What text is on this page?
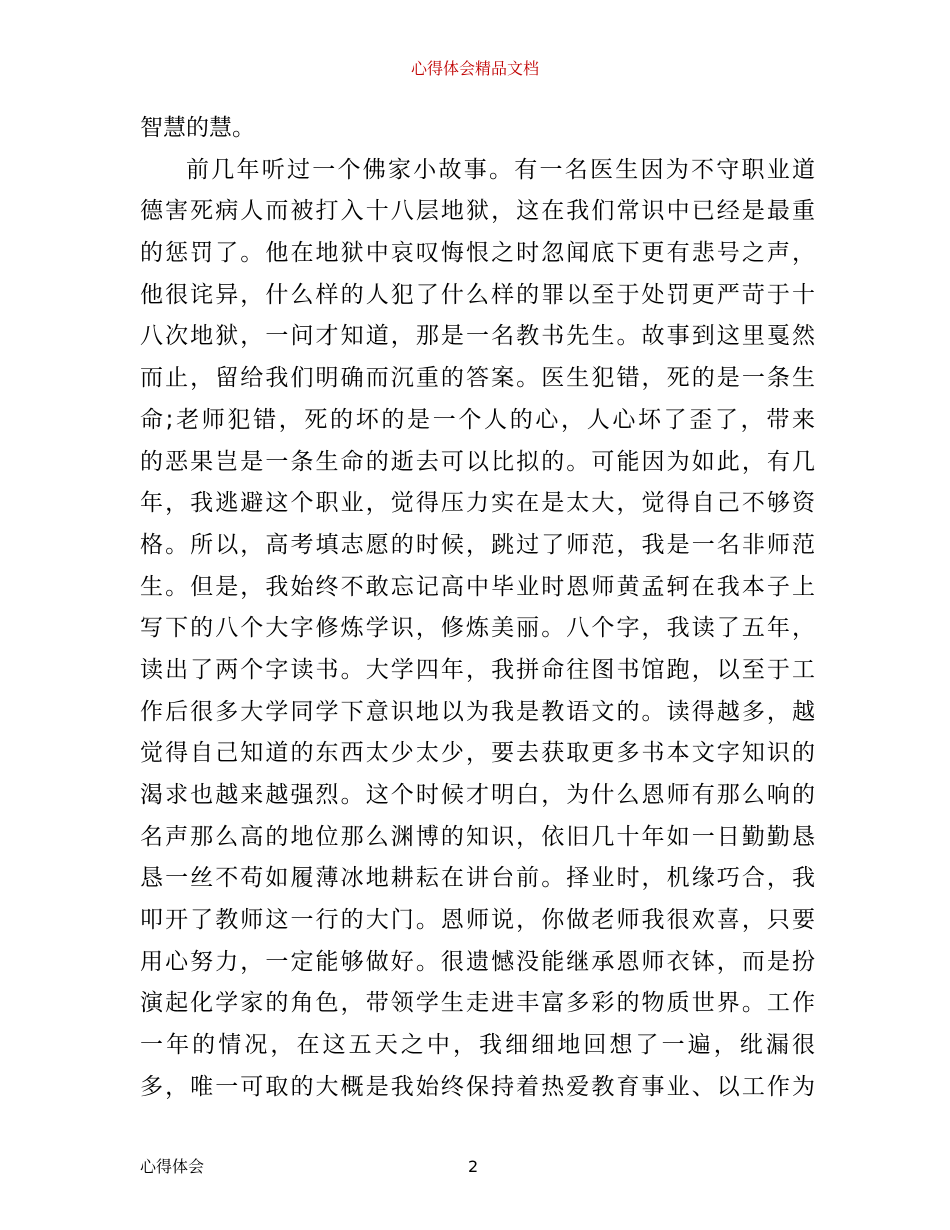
心得体会精品文档
智慧的慧。
前几年听过一个佛家小故事。有一名医生因为不守职业道
德害死病人而被打入十八层地狱，这在我们常识中已经是最重
的惩罚了。他在地狱中哀叹悔恨之时忽闻底下更有悲号之声，
他很诧异，什么样的人犯了什么样的罪以至于处罚更严苛于十
八次地狱，一问才知道，那是一名教书先生。故事到这里戛然
而止，留给我们明确而沉重的答案。医生犯错，死的是一条生
命;老师犯错，死的坏的是一个人的心，人心坏了歪了，带来
的恶果岂是一条生命的逝去可以比拟的。可能因为如此，有几
年，我逃避这个职业，觉得压力实在是太大，觉得自己不够资
格。所以，高考填志愿的时候，跳过了师范，我是一名非师范
生。但是，我始终不敢忘记高中毕业时恩师黄孟轲在我本子上
写下的八个大字修炼学识，修炼美丽。八个字，我读了五年，
读出了两个字读书。大学四年，我拼命往图书馆跑，以至于工
作后很多大学同学下意识地以为我是教语文的。读得越多，越
觉得自己知道的东西太少太少，要去获取更多书本文字知识的
渴求也越来越强烈。这个时候才明白，为什么恩师有那么响的
名声那么高的地位那么渊博的知识，依旧几十年如一日勤勤恳
恳一丝不苟如履薄冰地耕耘在讲台前。择业时，机缘巧合，我
叩开了教师这一行的大门。恩师说，你做老师我很欢喜，只要
用心努力，一定能够做好。很遗憾没能继承恩师衣钵，而是扮
演起化学家的角色，带领学生走进丰富多彩的物质世界。工作
一年的情况，在这五天之中，我细细地回想了一遍，纰漏很
多，唯一可取的大概是我始终保持着热爱教育事业、以工作为
心得体会	2
